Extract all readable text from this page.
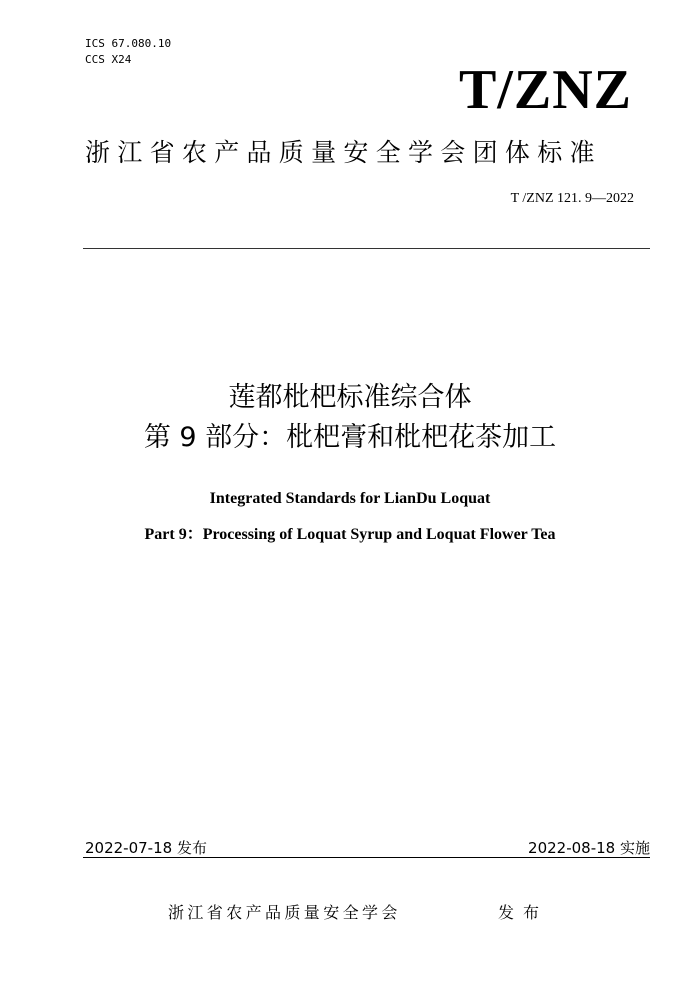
ICS 67.080.10
CCS X24	T/ZNZ
浙江省农产品质量安全学会团体标准
T /ZNZ 121. 9—2022
莲都枇杷标准综合体
第 9 部分：枇杷膏和枇杷花茶加工
Integrated Standards for LianDu Loquat
Part 9：Processing of Loquat Syrup and Loquat Flower Tea
2022-07-18 发布	2022-08-18 实施
浙江省农产品质量安全学会	发布
